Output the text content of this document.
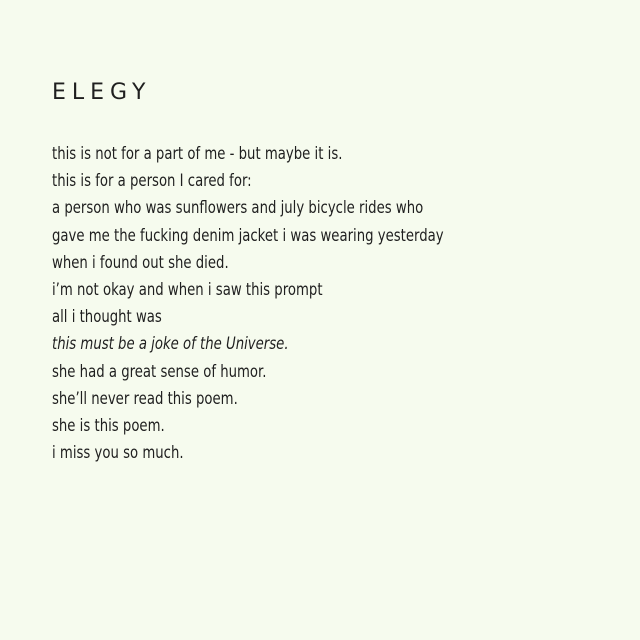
ELEGY
this is not for a part of me - but maybe it is.
this is for a person I cared for:
a person who was sunflowers and july bicycle rides who
gave me the fucking denim jacket i was wearing yesterday
when i found out she died.
i’m not okay and when i saw this prompt
all i thought was
this must be a joke of the Universe.
she had a great sense of humor.
she’ll never read this poem.
she is this poem.
i miss you so much.
